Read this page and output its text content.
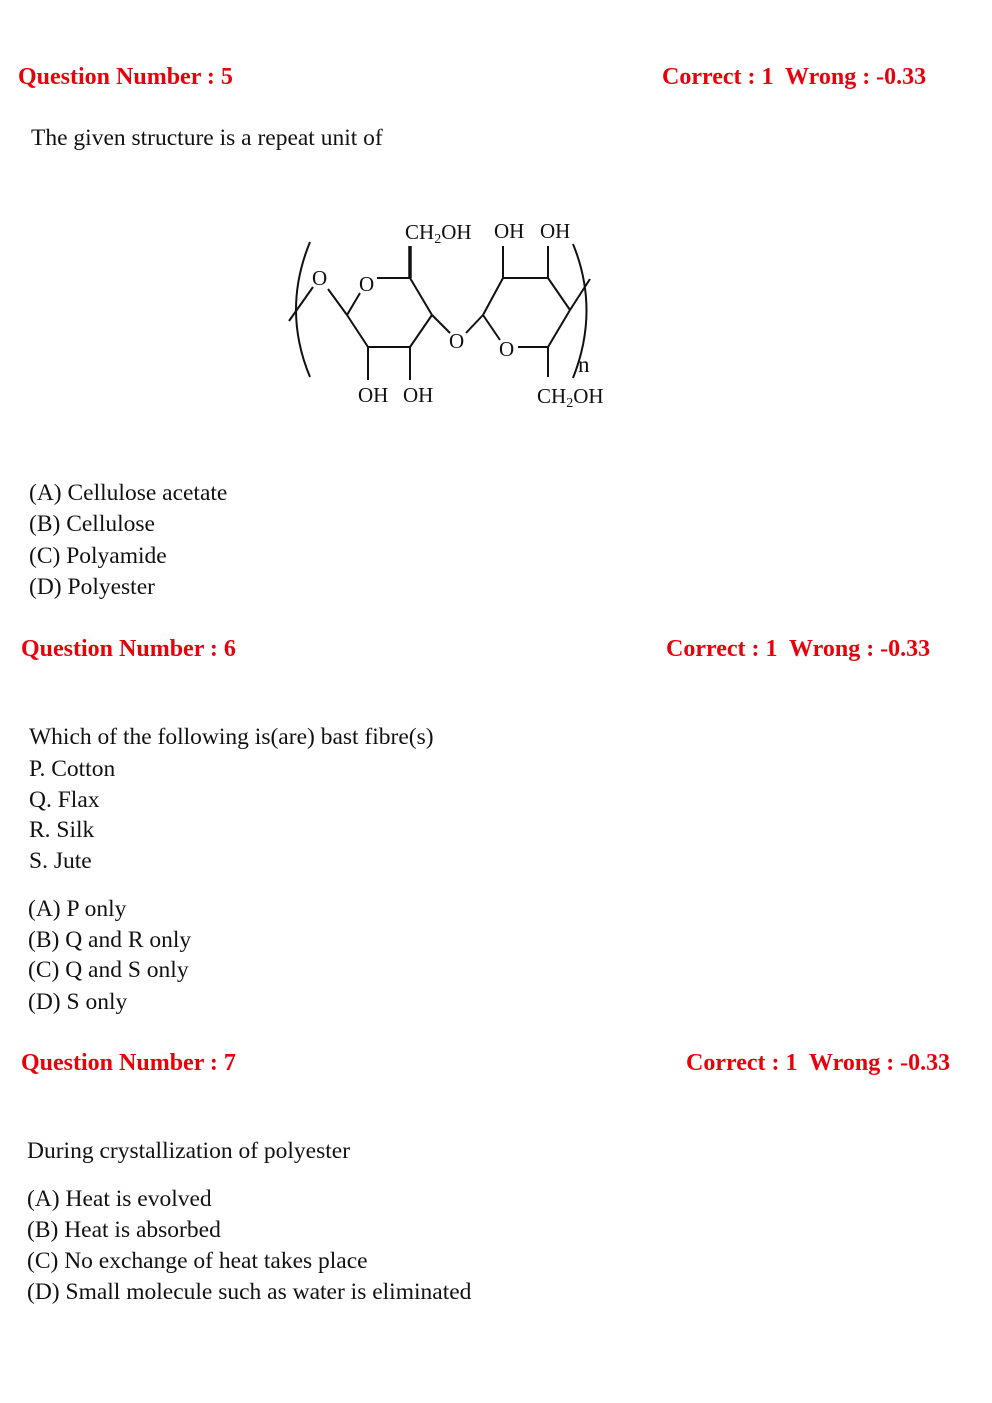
Question Number : 5	Correct : 1  Wrong : -0.33
The given structure is a repeat unit of
O O
O O
CH2OH OH OH
OH OH	CH2OH
n
(A) Cellulose acetate
(B) Cellulose
(C) Polyamide
(D) Polyester
Question Number : 6	Correct : 1  Wrong : -0.33
Which of the following is(are) bast fibre(s)
P. Cotton
Q. Flax
R. Silk
S. Jute
(A) P only
(B) Q and R only
(C) Q and S only
(D) S only
Question Number : 7	Correct : 1  Wrong : -0.33
During crystallization of polyester
(A) Heat is evolved
(B) Heat is absorbed
(C) No exchange of heat takes place
(D) Small molecule such as water is eliminated
